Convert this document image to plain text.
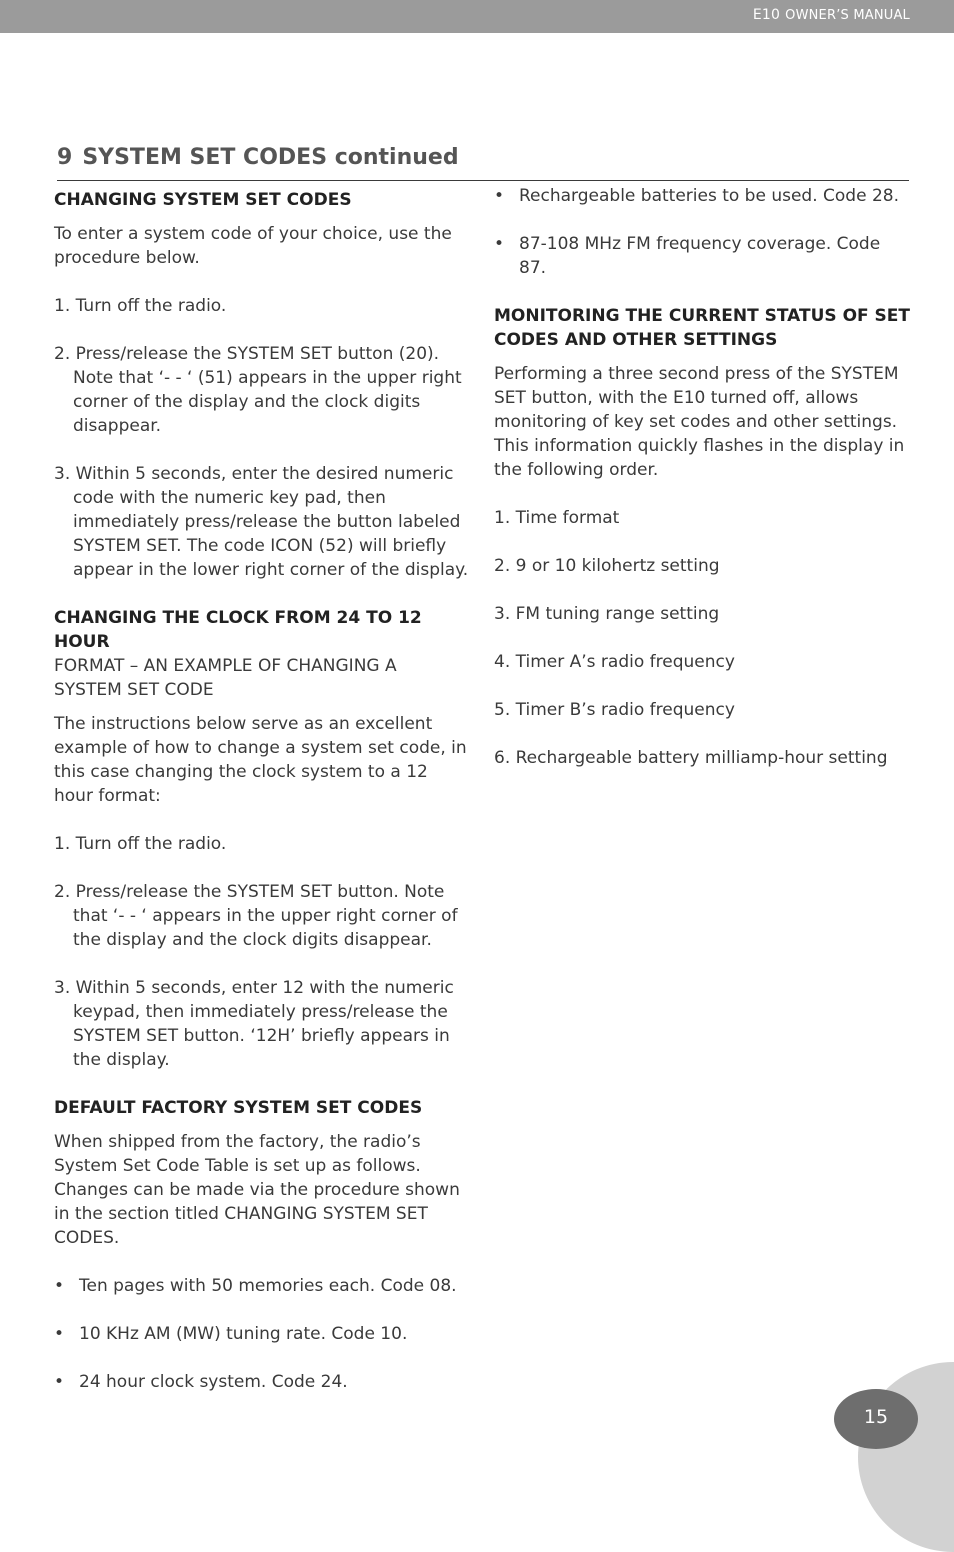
E10 OWNER’S MANUAL
9 SYSTEM SET CODES continued

CHANGING SYSTEM SET CODES

To enter a system code of your choice, use the procedure below.

1. Turn off the radio.

2. Press/release the SYSTEM SET button (20). Note that ‘- - ‘ (51) appears in the upper right corner of the display and the clock digits disappear.

3. Within 5 seconds, enter the desired numeric code with the numeric key pad, then immediately press/release the button labeled SYSTEM SET. The code ICON (52) will briefly appear in the lower right corner of the display.

CHANGING THE CLOCK FROM 24 TO 12 HOUR

FORMAT – AN EXAMPLE OF CHANGING A SYSTEM SET CODE

The instructions below serve as an excellent example of how to change a system set code, in this case changing the clock system to a 12 hour format:

1. Turn off the radio.

2. Press/release the SYSTEM SET button. Note that ‘- - ‘ appears in the upper right corner of the display and the clock digits disappear.

3. Within 5 seconds, enter 12 with the numeric keypad, then immediately press/release the SYSTEM SET button. ‘12H’ briefly appears in the display.

DEFAULT FACTORY SYSTEM SET CODES

When shipped from the factory, the radio’s System Set Code Table is set up as follows. Changes can be made via the procedure shown in the section titled CHANGING SYSTEM SET CODES.

• Ten pages with 50 memories each. Code 08.

• 10 KHz AM (MW) tuning rate. Code 10.

• 24 hour clock system. Code 24.

• Rechargeable batteries to be used. Code 28.

• 87-108 MHz FM frequency coverage. Code 87.

MONITORING THE CURRENT STATUS OF SET CODES AND OTHER SETTINGS

Performing a three second press of the SYSTEM SET button, with the E10 turned off, allows monitoring of key set codes and other settings. This information quickly flashes in the display in the following order.

1. Time format

2. 9 or 10 kilohertz setting

3. FM tuning range setting

4. Timer A’s radio frequency

5. Timer B’s radio frequency

6. Rechargeable battery milliamp-hour setting

15
